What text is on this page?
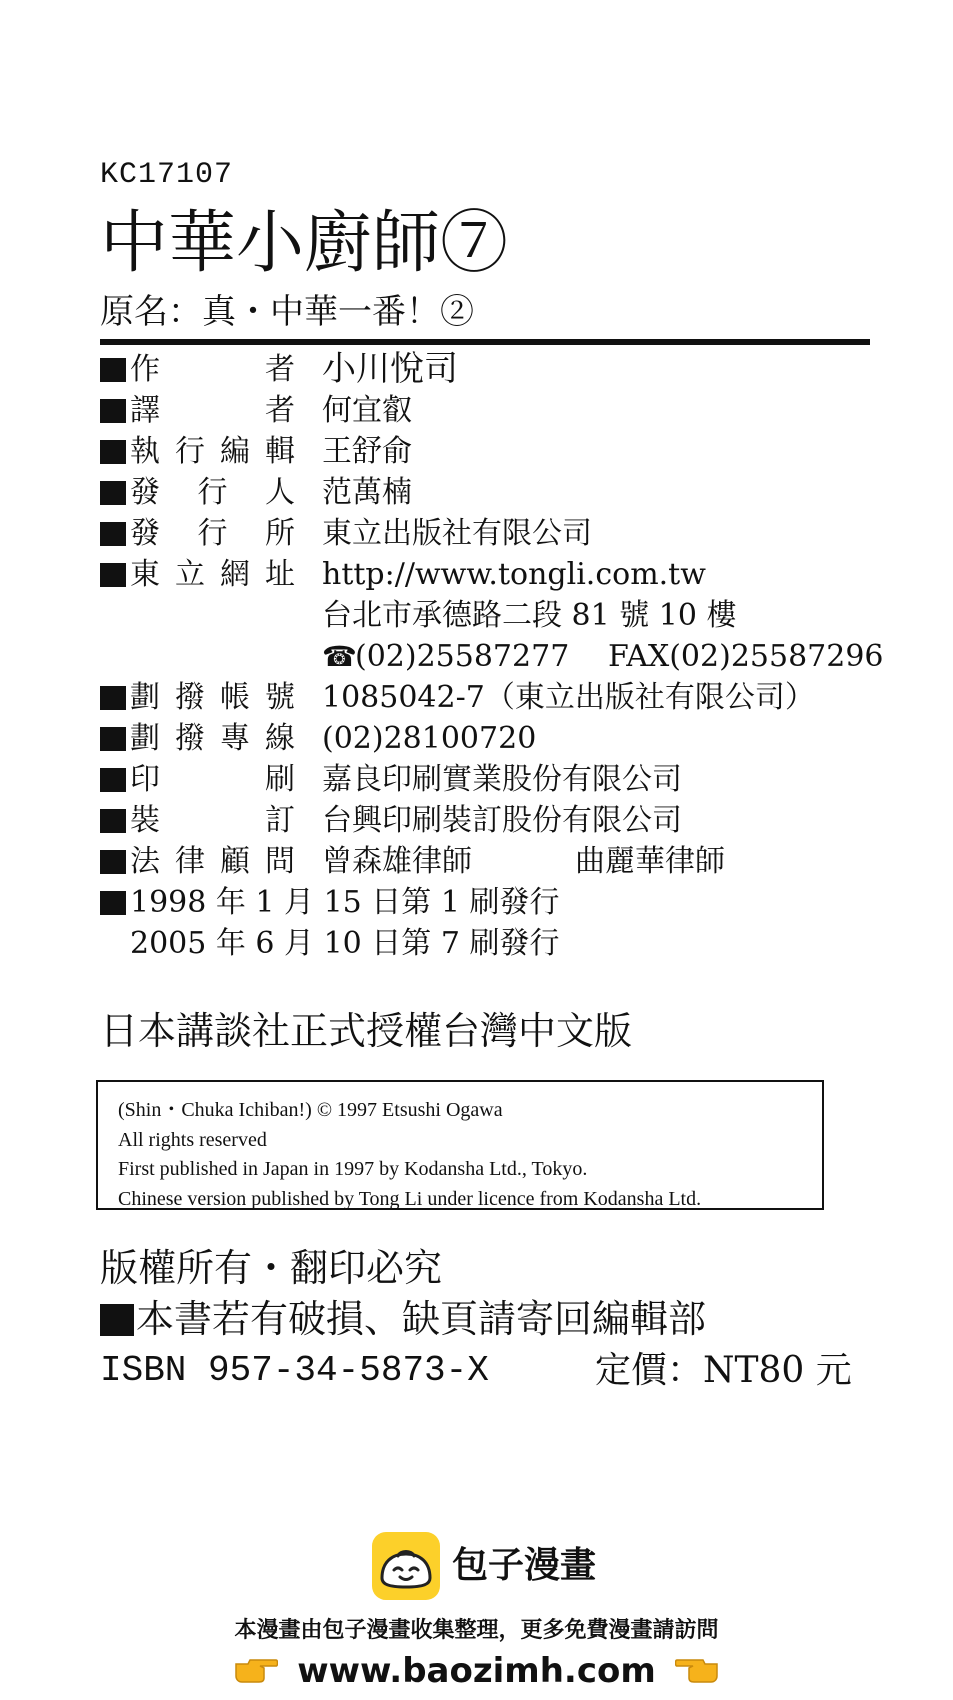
KC17107
中華小廚師⑦
原名：真・中華一番！②
作　者 小川悅司
譯　者 何宜叡
執行編輯 王舒俞
發行人 范萬楠
發行所 東立出版社有限公司
東立網址 http://www.tongli.com.tw
台北市承德路二段 81 號 10 樓
☎
(02)25587277 FAX(02)25587296
劃撥帳號 1085042-7（東立出版社有限公司）
劃撥專線 (02)28100720
印　刷 嘉良印刷實業股份有限公司
裝　訂 台興印刷裝訂股份有限公司
法律顧問 曾森雄律師	曲麗華律師
1998 年 1 月 15 日第 1 刷發行
2005 年 6 月 10 日第 7 刷發行
日本講談社正式授權台灣中文版
(Shin・Chuka Ichiban!) © 1997 Etsushi Ogawa
All rights reserved
First published in Japan in 1997 by Kodansha Ltd., Tokyo.
Chinese version published by Tong Li under licence from Kodansha Ltd.
版權所有・翻印必究
本書若有破損、缺頁請寄回編輯部
ISBN 957-34-5873-X	定價：NT80 元
包子漫畫
本漫畫由包子漫畫收集整理，更多免費漫畫請訪問
www.baozimh.com
